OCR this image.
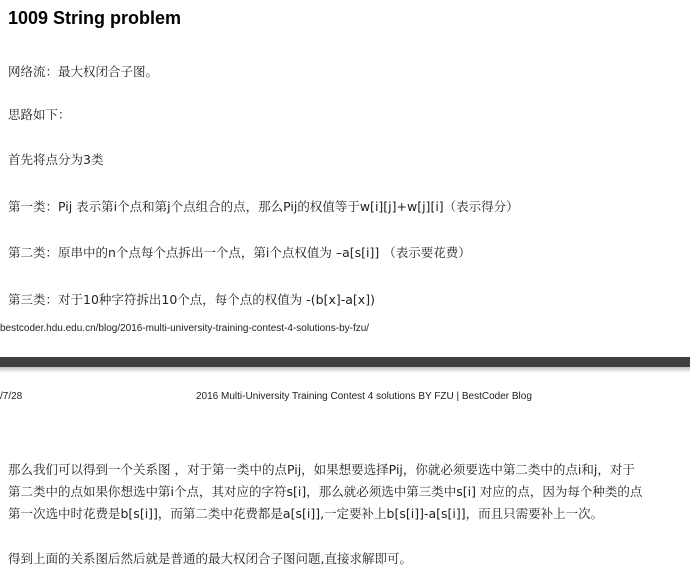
1009 String problem
网络流：最大权闭合子图。
思路如下：
首先将点分为3类
第一类：Pij 表示第i个点和第j个点组合的点，那么Pij的权值等于w[i][j]+w[j][i]（表示得分）
第二类：原串中的n个点每个点拆出一个点，第i个点权值为 –a[s[i]] （表示要花费）
第三类：对于10种字符拆出10个点，每个点的权值为 -(b[x]-a[x])
bestcoder.hdu.edu.cn/blog/2016-multi-university-training-contest-4-solutions-by-fzu/
/7/28	2016 Multi-University Training Contest 4 solutions BY FZU | BestCoder Blog
那么我们可以得到一个关系图 ，对于第一类中的点Pij，如果想要选择Pij，你就必须要选中第二类中的点i和j，对于
第二类中的点如果你想选中第i个点，其对应的字符s[i]，那么就必须选中第三类中s[i] 对应的点，因为每个种类的点
第一次选中时花费是b[s[i]]，而第二类中花费都是a[s[i]],一定要补上b[s[i]]-a[s[i]]，而且只需要补上一次。
得到上面的关系图后然后就是普通的最大权闭合子图问题,直接求解即可。
